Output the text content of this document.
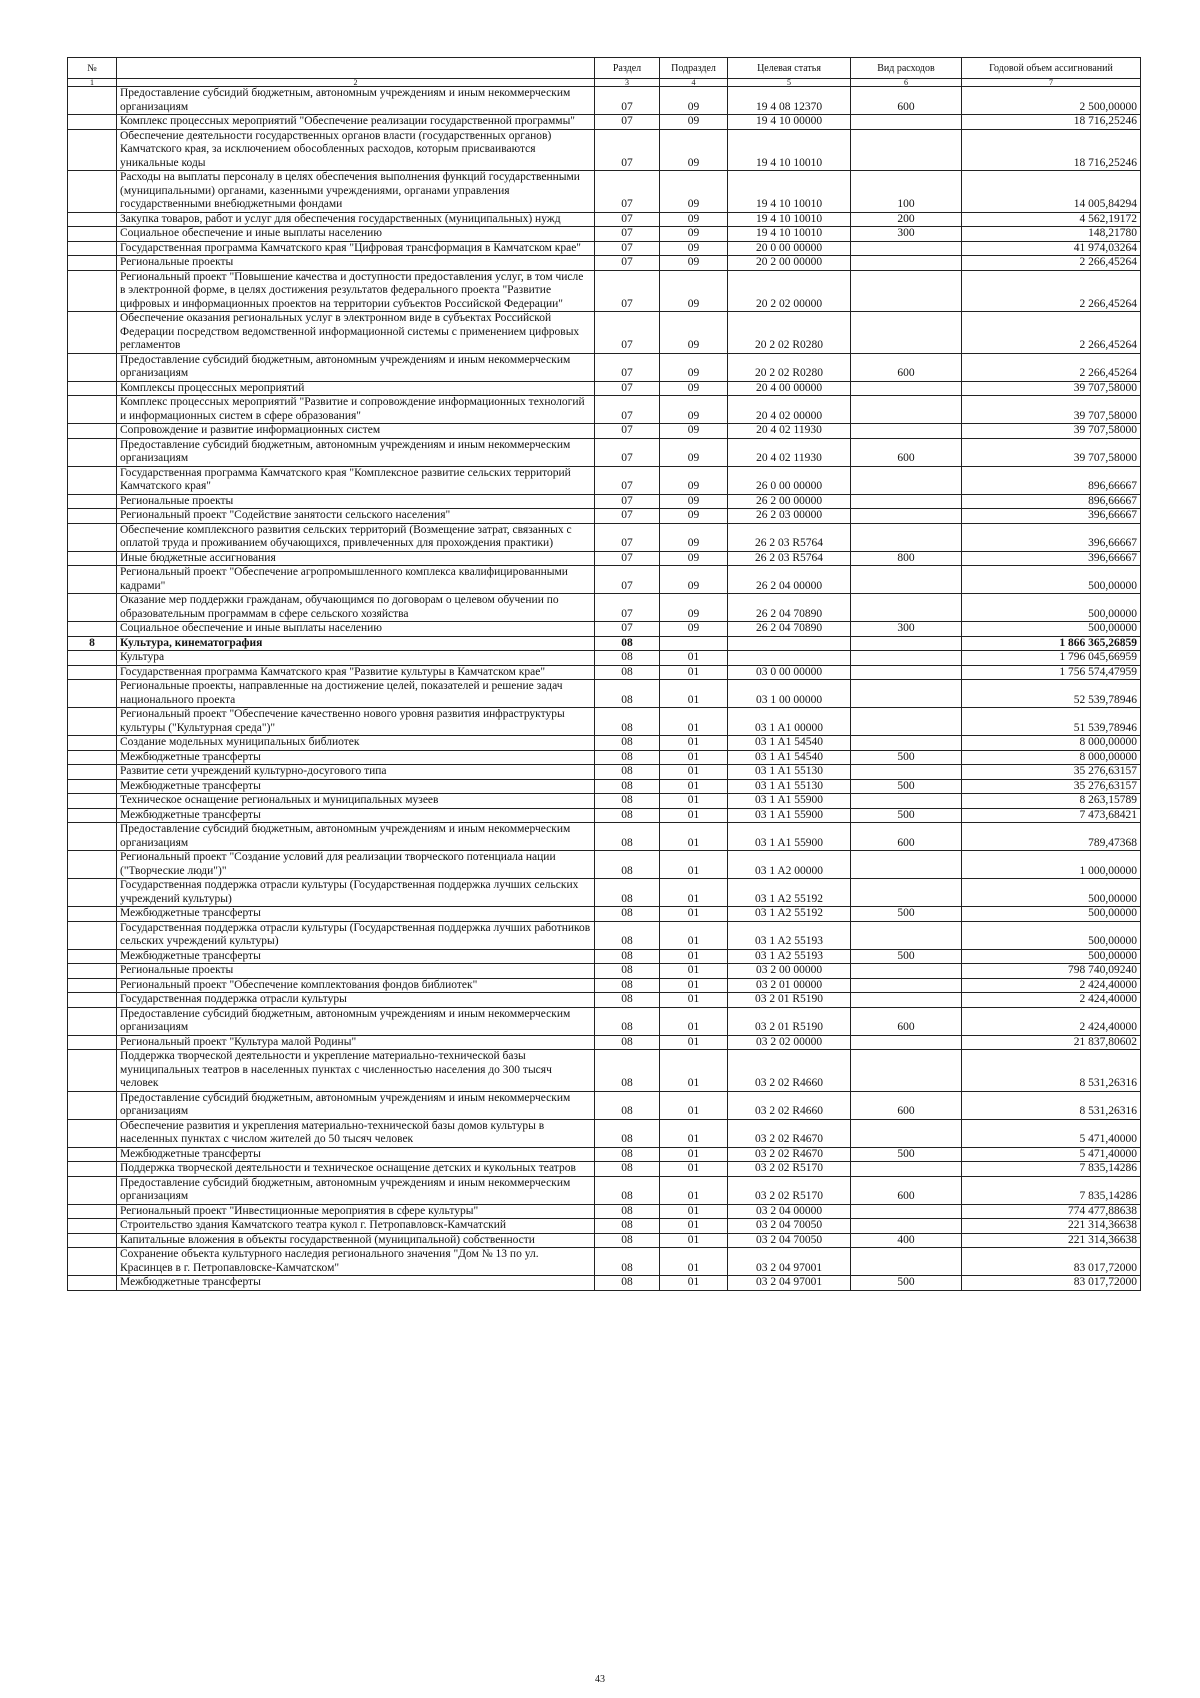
№		Раздел	Подраздел	Целевая статья	Вид расходов	Годовой объем ассигнований
1	2	3	4	5	6	7
	Предоставление субсидий бюджетным, автономным учреждениям и иным некоммерческим организациям	07	09	19 4 08 12370	600	2 500,00000
	Комплекс процессных мероприятий "Обеспечение реализации государственной программы"	07	09	19 4 10 00000		18 716,25246
	Обеспечение деятельности государственных органов власти (государственных органов) Камчатского края, за исключением обособленных расходов, которым присваиваются уникальные коды	07	09	19 4 10 10010		18 716,25246
	Расходы на выплаты персоналу в целях обеспечения выполнения функций государственными (муниципальными) органами, казенными учреждениями, органами управления государственными внебюджетными фондами	07	09	19 4 10 10010	100	14 005,84294
	Закупка товаров, работ и услуг для обеспечения государственных (муниципальных) нужд	07	09	19 4 10 10010	200	4 562,19172
	Социальное обеспечение и иные выплаты населению	07	09	19 4 10 10010	300	148,21780
	Государственная программа Камчатского края "Цифровая трансформация в Камчатском крае"	07	09	20 0 00 00000		41 974,03264
	Региональные проекты	07	09	20 2 00 00000		2 266,45264
	Региональный проект "Повышение качества и доступности предоставления услуг, в том числе в электронной форме, в целях достижения результатов федерального проекта "Развитие цифровых и информационных проектов на территории субъектов Российской Федерации"	07	09	20 2 02 00000		2 266,45264
	Обеспечение оказания региональных услуг в электронном виде в субъектах Российской Федерации посредством ведомственной информационной системы с применением цифровых регламентов	07	09	20 2 02 R0280		2 266,45264
	Предоставление субсидий бюджетным, автономным учреждениям и иным некоммерческим организациям	07	09	20 2 02 R0280	600	2 266,45264
	Комплексы процессных мероприятий	07	09	20 4 00 00000		39 707,58000
	Комплекс процессных мероприятий "Развитие и сопровождение информационных технологий и информационных систем в сфере образования"	07	09	20 4 02 00000		39 707,58000
	Сопровождение и развитие информационных систем	07	09	20 4 02 11930		39 707,58000
	Предоставление субсидий бюджетным, автономным учреждениям и иным некоммерческим организациям	07	09	20 4 02 11930	600	39 707,58000
	Государственная программа Камчатского края "Комплексное развитие сельских территорий Камчатского края"	07	09	26 0 00 00000		896,66667
	Региональные проекты	07	09	26 2 00 00000		896,66667
	Региональный проект "Содействие занятости сельского населения"	07	09	26 2 03 00000		396,66667
	Обеспечение комплексного развития сельских территорий (Возмещение затрат, связанных с оплатой труда и проживанием обучающихся, привлеченных для прохождения практики)	07	09	26 2 03 R5764		396,66667
	Иные бюджетные ассигнования	07	09	26 2 03 R5764	800	396,66667
	Региональный проект "Обеспечение агропромышленного комплекса квалифицированными кадрами"	07	09	26 2 04 00000		500,00000
	Оказание мер поддержки гражданам, обучающимся по договорам о целевом обучении по образовательным программам в сфере сельского хозяйства	07	09	26 2 04 70890		500,00000
	Социальное обеспечение и иные выплаты населению	07	09	26 2 04 70890	300	500,00000
8	Культура, кинематография	08				1 866 365,26859
	Культура	08	01			1 796 045,66959
	Государственная программа Камчатского края "Развитие культуры в Камчатском крае"	08	01	03 0 00 00000		1 756 574,47959
	Региональные проекты, направленные на достижение целей, показателей и решение задач национального проекта	08	01	03 1 00 00000		52 539,78946
	Региональный проект "Обеспечение качественно нового уровня развития инфраструктуры культуры ("Культурная среда")"	08	01	03 1 A1 00000		51 539,78946
	Создание модельных муниципальных библиотек	08	01	03 1 A1 54540		8 000,00000
	Межбюджетные трансферты	08	01	03 1 A1 54540	500	8 000,00000
	Развитие сети учреждений культурно-досугового типа	08	01	03 1 A1 55130		35 276,63157
	Межбюджетные трансферты	08	01	03 1 A1 55130	500	35 276,63157
	Техническое оснащение региональных и муниципальных музеев	08	01	03 1 A1 55900		8 263,15789
	Межбюджетные трансферты	08	01	03 1 A1 55900	500	7 473,68421
	Предоставление субсидий бюджетным, автономным учреждениям и иным некоммерческим организациям	08	01	03 1 A1 55900	600	789,47368
	Региональный проект "Создание условий для реализации творческого потенциала нации ("Творческие люди")"	08	01	03 1 A2 00000		1 000,00000
	Государственная поддержка отрасли культуры (Государственная поддержка лучших сельских учреждений культуры)	08	01	03 1 A2 55192		500,00000
	Межбюджетные трансферты	08	01	03 1 A2 55192	500	500,00000
	Государственная поддержка отрасли культуры (Государственная поддержка лучших работников сельских учреждений культуры)	08	01	03 1 A2 55193		500,00000
	Межбюджетные трансферты	08	01	03 1 A2 55193	500	500,00000
	Региональные проекты	08	01	03 2 00 00000		798 740,09240
	Региональный проект "Обеспечение комплектования фондов библиотек"	08	01	03 2 01 00000		2 424,40000
	Государственная поддержка отрасли культуры	08	01	03 2 01 R5190		2 424,40000
	Предоставление субсидий бюджетным, автономным учреждениям и иным некоммерческим организациям	08	01	03 2 01 R5190	600	2 424,40000
	Региональный проект "Культура малой Родины"	08	01	03 2 02 00000		21 837,80602
	Поддержка творческой деятельности и укрепление материально-технической базы муниципальных театров в населенных пунктах с численностью населения до 300 тысяч человек	08	01	03 2 02 R4660		8 531,26316
	Предоставление субсидий бюджетным, автономным учреждениям и иным некоммерческим организациям	08	01	03 2 02 R4660	600	8 531,26316
	Обеспечение развития и укрепления материально-технической базы домов культуры в населенных пунктах с числом жителей до 50 тысяч человек	08	01	03 2 02 R4670		5 471,40000
	Межбюджетные трансферты	08	01	03 2 02 R4670	500	5 471,40000
	Поддержка творческой деятельности и техническое оснащение детских и кукольных театров	08	01	03 2 02 R5170		7 835,14286
	Предоставление субсидий бюджетным, автономным учреждениям и иным некоммерческим организациям	08	01	03 2 02 R5170	600	7 835,14286
	Региональный проект "Инвестиционные мероприятия в сфере культуры"	08	01	03 2 04 00000		774 477,88638
	Строительство здания Камчатского театра кукол г. Петропавловск-Камчатский	08	01	03 2 04 70050		221 314,36638
	Капитальные вложения в объекты государственной (муниципальной) собственности	08	01	03 2 04 70050	400	221 314,36638
	Сохранение объекта культурного наследия регионального значения "Дом № 13 по ул. Красинцев в г. Петропавловске-Камчатском"	08	01	03 2 04 97001		83 017,72000
	Межбюджетные трансферты	08	01	03 2 04 97001	500	83 017,72000
43
